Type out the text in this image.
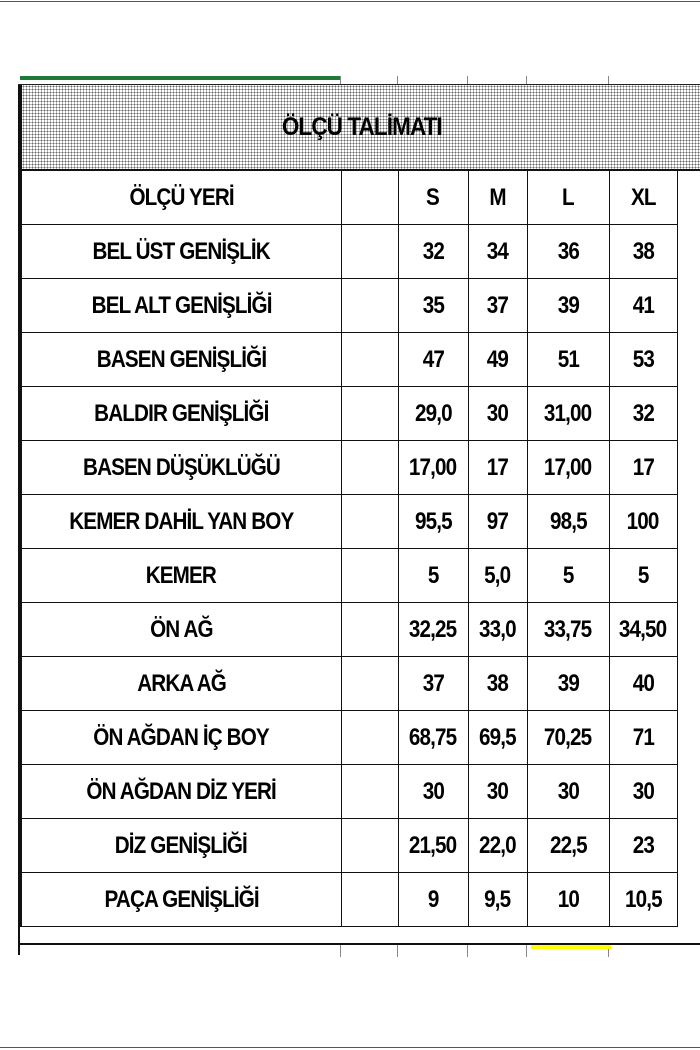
ÖLÇÜ TALİMATI
ÖLÇÜ YERİ		S	M	L	XL
BEL ÜST GENİŞLİK		32	34	36	38
BEL ALT GENİŞLİĞİ		35	37	39	41
BASEN GENİŞLİĞİ		47	49	51	53
BALDIR GENİŞLİĞİ		29,0	30	31,00	32
BASEN DÜŞÜKLÜĞÜ		17,00	17	17,00	17
KEMER DAHİL YAN BOY		95,5	97	98,5	100
KEMER		5	5,0	5	5
ÖN AĞ		32,25	33,0	33,75	34,50
ARKA AĞ		37	38	39	40
ÖN AĞDAN İÇ BOY		68,75	69,5	70,25	71
ÖN AĞDAN DİZ YERİ		30	30	30	30
DİZ GENİŞLİĞİ		21,50	22,0	22,5	23
PAÇA GENİŞLİĞİ		9	9,5	10	10,5
